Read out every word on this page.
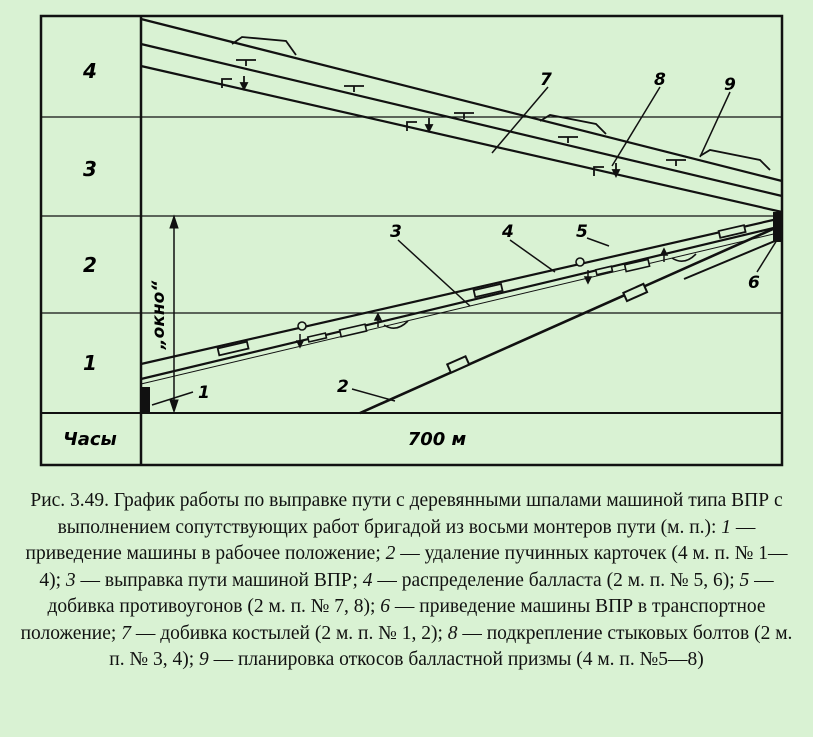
4
3
2
1
Часы	700 м
„окно“
1	2
3	4	5
6
7	8	9
Рис. 3.49. График работы по выправке пути с деревянными шпалами машиной типа ВПР с выполнением сопутствующих работ бригадой из восьми монтеров пути (м. п.): 1 — приведение машины в рабочее положение; 2 — удаление пучинных карточек (4 м. п. № 1—4); 3 — выправка пути машиной ВПР; 4 — распределение балласта (2 м. п. № 5, 6); 5 — добивка противоугонов (2 м. п. № 7, 8); 6 — приведение машины ВПР в транспортное положение; 7 — добивка костылей (2 м. п. № 1, 2); 8 — подкрепление стыковых болтов (2 м. п. № 3, 4); 9 — планировка откосов балластной призмы (4 м. п. №5—8)
